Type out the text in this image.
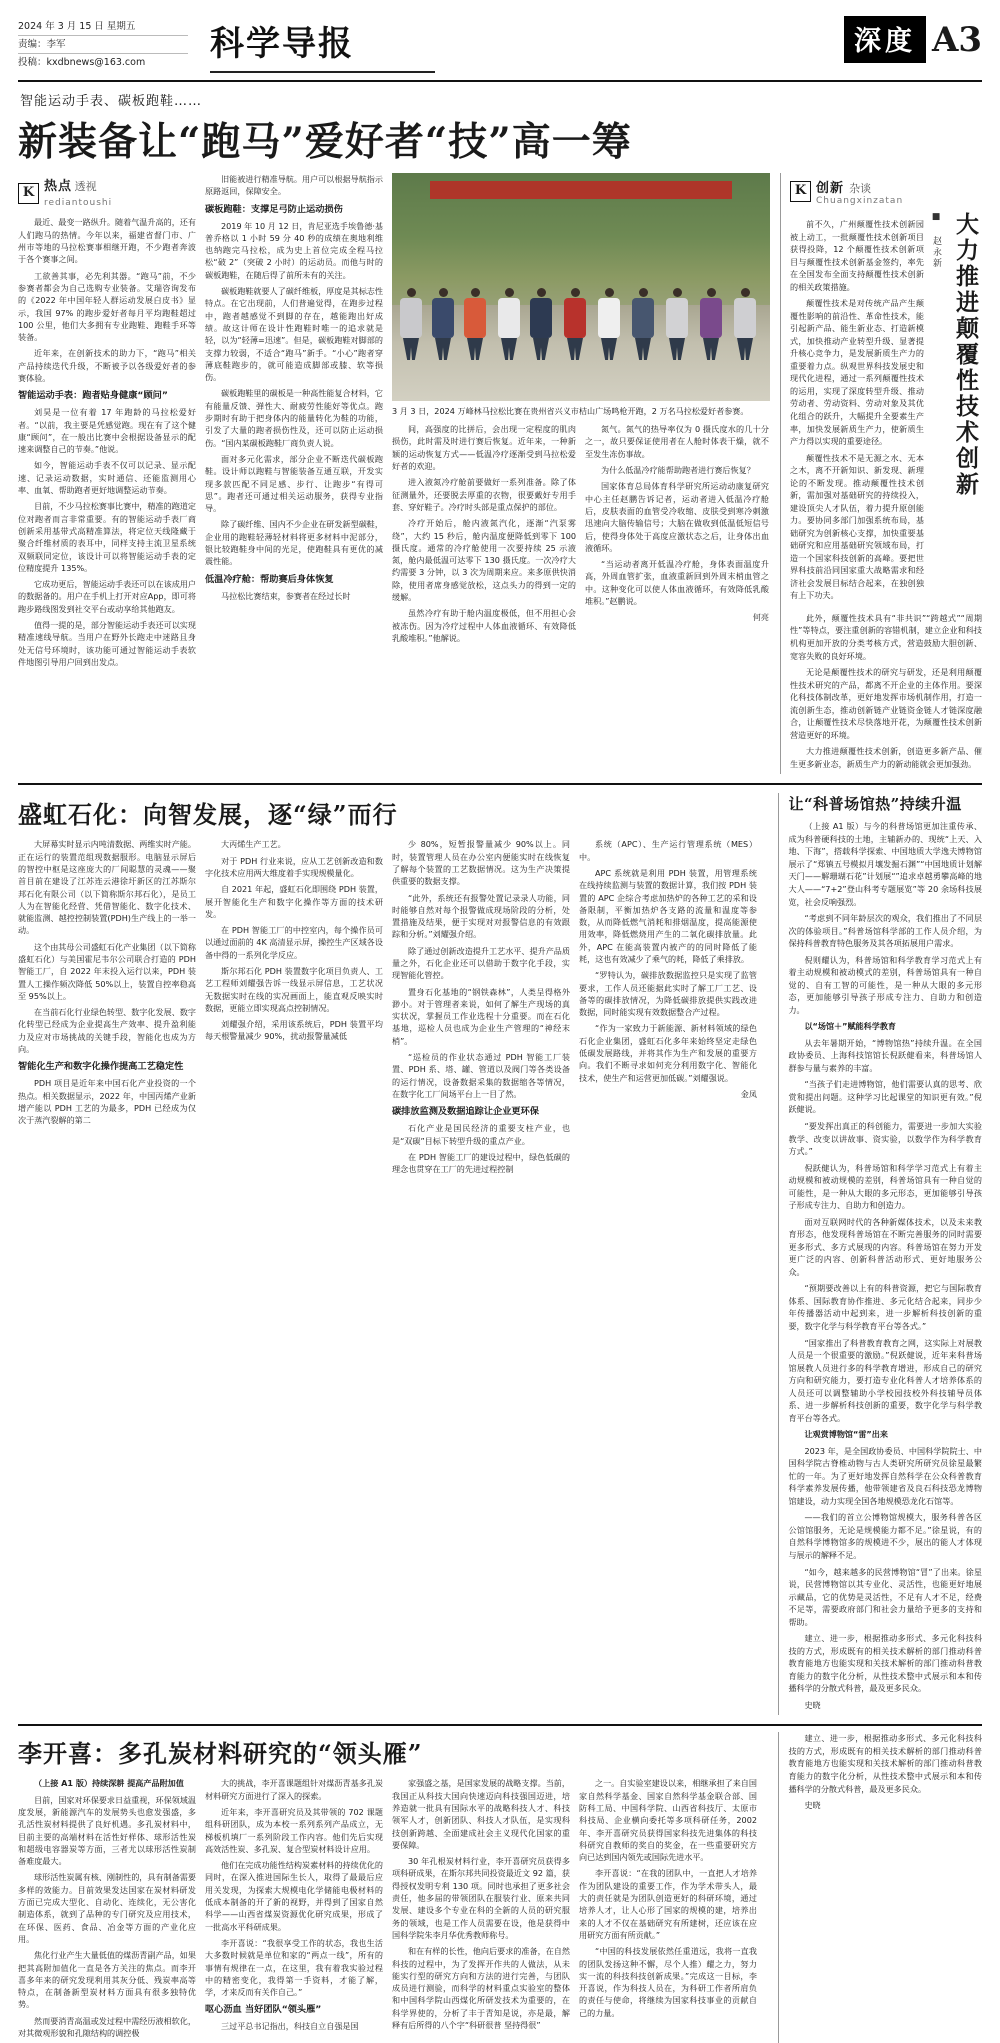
2024 年 3 月 15 日 星期五
责编：李军
投稿：kxdbnews@163.com	科学导报	深度 A3
智能运动手表、碳板跑鞋……
新装备让“跑马”爱好者“技”高一筹
K 热点 透视
rediantoushi

最近、最变一路纵升。随着气温升高的，还有人们跑马的热情。今年以来，福建省督门市、广州市等地的马拉松赛事相继开跑，不少跑者奔波于各个赛事之间。

工欲善其事，必先利其器。“跑马”前，不少参赛者都会为自己选购专业装备。艾瑞咨询发布的《2022 年中国年轻人群运动发展白皮书》显示，我国 97% 的跑步爱好者每月平均跑鞋超过 100 公里，他们大多拥有专业跑鞋、跑鞋手环等装备。

近年来，在创新技术的助力下，“跑马”相关产品持续迭代升级，不断被予以各级爱好者的参赛体验。

智能运动手表：跑者贴身健康“顾问”

刘昊是一位有着 17 年跑龄的马拉松爱好者。“以前，我主要是凭感觉跑。现在有了这个健康“顾问”，在一般出比赛中会根据设备显示的配速来调整自己的节奏。”他说。

如今，智能运动手表不仅可以记录、显示配速、记录运动数据，实时通信、还能监测用心率、血氧、帮助跑者更好地调整运动节奏。

目前，不少马拉松赛事比赛中，精准的跑道定位对跑者而言非常重要。有的智能运动手表厂商创新采用基带式高精准算法，将定位天线隆藏于聚合纤维材质的表耳中，同样支持主流卫星系统双频联同定位，该设计可以将智能运动手表的定位精度提升 135%。

它成功更后，智能运动手表还可以在该成用户的数据备的。用户在手机上打开对应App，即可将跑步路线图发到社交平台或动享给其他跑友。

值得一提的是，部分智能运动手表还可以实现精准速线导航。当用户在野外长跑走中迷路且身处无信号环境时，该功能可通过智能运动手表软件地图引导用户回到出发点。

旧能被进行精准导航。用户可以根据导航指示原路返回，保障安全。

碳板跑鞋：支撑足弓防止运动损伤

2019 年 10 月 12 日，肯尼亚选手埃鲁德·基普乔格以 1 小时 59 分 40 秒的成绩在奥地利维也纳跑完马拉松，成为史上首位完成全程马拉松“破 2”（突破 2 小时）的运动员。而他与时的碳板跑鞋，在随后得了前所未有的关注。

碳板跑鞋就要人了碳纤维板，厚度是其标志性特点。在它出现前，人们普遍觉得，在跑步过程中，跑者越感觉不到脚的存在，越能跑出好成绩。故这计师在设计性跑鞋时唯一的追求就是轻，以为“轻薄=迅速”。但是，碳板跑鞋对脚部的支撑力较弱，不适合“跑马”新手。“小心”跑者穿薄底鞋跑步的，就可能造成脚部或膝、软等损伤。

碳板跑鞋里的碳板是一种高性能复合材料，它有能量反馈、弹性大、耐疲劳性能好等优点。跑步期时有助于把身体内的能量转化为鞋的功能，引发了大量的跑者损伤性及，还可以防止运动损伤。“国内某碳板跑鞋厂商负责人说。

面对多元化需求，部分企业不断迭代碳板跑鞋。设计师以跑鞋与智能装备互通互联，开发实现多款匹配不同足感、步行、让跑步“有得可思”。跑者还可通过相关运动服务，获得专业指导。

除了碳纤维、国内不少企业在研发新型碳鞋，企业用的跑鞋轻薄轻材料将更多材料中泥部分，银比较跑鞋身中间的光足，使跑鞋具有更优的减震性能。

低温冷疗舱：帮助赛后身体恢复

马拉松比赛结束，参赛者在经过长时

3 月 3 日，2024 万峰林马拉松比赛在贵州省兴义市桔山广场鸣枪开跑，2 万名马拉松爱好者参赛。

间，高强度的比拼后，会出现一定程度的肌肉损伤，此时需及时进行赛后恢复。近年来，一种新颖的运动恢复方式——低温冷疗逐渐受到马拉松爱好者的欢迎。

进入液氮冷疗舱前要做好一系列准备。除了体征测量外，还要脱去厚重的衣物，很要戴好专用手套、穿好鞋子。冷疗时头部是重点保护的部位。

冷疗开始后，舱内液氮汽化，逐渐“汽泵雾绕”，大约 15 秒后，舱内温度便降低到零下 100 摄氏度。通常的冷疗舱使用一次要持续 25 示液氮，舱内最低温可达零下 130 摄氏度。一次冷疗大约需要 3 分钟，以 3 次为周期来应。来多原供快消除，使用者席身感觉放松，这点头力的得到一定的缓解。

虽然冷疗有助于舱内温度极低，但不用担心会被冻伤。因为冷疗过程中人体血液循环、有效降低乳酸堆积。”他解说。

氮气。氮气的热导率仅为 0 摄氏度水的几十分之一，故只要保证使用者在人舱时体表干燥，就不至发生冻伤事故。

为什么低温冷疗能帮助跑者进行赛后恢复？

国家体育总局体育科学研究所运动动康复研究中心主任赵鹏告诉记者，运动者进入低温冷疗舱后，皮肤表面的血管受冷收缩、皮肤受到寒冷刺激迅速向大脑传输信号；大脑在做收到低温低短信号后，使得身体处于高度应激状态之后，让身体出血液循环。

“当运动者离开低温冷疗舱，身体表面温度升高，外周血管扩张，血液重新回到外周末梢血管之中。这种变化可以使人体血液循环，有效降低乳酸堆积。”赵鹏说。

何亮

K 创新 杂谈
Chuangxinzatan
大力推进颠覆性技术创新
■ 赵永新

前不久，广州颠覆性技术创新园被上动工，一批颠覆性技术创新项目获得投降，12 个颠覆性技术创新项目与颠覆性技术创新基金签约，率先在全国发布全面支持颠覆性技术创新的相关政策措施。

颠覆性技术是对传统产品产生颠覆性影响的前沿性、革命性技术，能引起新产品、能生新业态、打造新模式，加快推动产业转型升级、显著提升核心竞争力，是发展新质生产力的重要着力点。纵观世界科技发展史和现代化进程，通过一系列颠覆性技术的运用，实现了深度转型升级、推动劳动者、劳动资料、劳动对象及其优化组合的跃升，大幅提升全要素生产率，加快发展新质生产力，使新质生产力得以实现的重要途径。

颠覆性技术不是无源之水、无本之木，离不开新知识、新发现、新理论的不断发现。推动颠覆性技术创新，需加强对基础研究的持续投入，建设顶尖人才队伍，着力提升原创能力。要协同多部门加强系统布局，基础研究为创新核心支撑，加快重要基础研究和应用基础研究领域布局，打造一个国家科技创新的高峰。要把世界科技前沿同国家重大战略需求和经济社会发展目标结合起来，在独创独有上下功夫。

此外，颠覆性技术具有“非共识”“跨越式”“周期性”等特点，要注重创新的容错机制，建立企业和科技机构更加开放的分类考核方式，营造鼓励大胆创新、宽容失败的良好环境。

无论是颠覆性技术的研究与研发，还是利用颠覆性技术研究的产品，都离不开企业的主体作用。要深化科技体制改革，更好地发挥市场机制作用，打造一流创新生态，推动创新链产业链资金链人才链深度融合，让颠覆性技术尽快落地开花，为颠覆性技术创新营造更好的环境。

大力推进颠覆性技术创新，创造更多新产品、催生更多新业态，新质生产力的新动能就会更加强劲。

盛虹石化：向智发展，逐“绿”而行

大屏幕实时显示内吨清数据、两维实时产能。正在运行的装置范组现数据服形。电脑显示屏后的智控中枢是这座庞大的厂间聪慧的灵魂——聚首目前在建设了江苏连云港徐圩新区的江苏斯尔邦石化有限公司（以下简称斯尔邦石化），是员工人为在智能化经营、凭借智能化、数字化技术、就能监测、越控控制装置(PDH)生产线上的一举一动。

这个由其母公司盛虹石化产业集团（以下简称盛虹石化）与美国霍尼韦尔公司联合打造的 PDH 智能工厂，自 2022 年末投入运行以来，PDH 装置人工操作频次降低 50%以上，装置自控率稳高至 95%以上。

在当前石化行业绿色转型、数字化发展、数字化转型已经成为企业提高生产效率、提升盈利能力及应对市场挑战的关键手段，智能化也成为方向。

智能化生产和数字化操作提高工艺稳定性

PDH 项目是近年来中国石化产业投资的一个热点。相关数据显示，2022 年，中国丙烯产业新增产能以 PDH 工艺的为最多，PDH 已经成为仅次于蒸汽裂解的第二

大丙烯生产工艺。

对于 PDH 行业来说，应从工艺创新改造和数字化技术应用两大维度着手实现规模量化。

自 2021 年起，盛虹石化即围绕 PDH 装置，展开智能化生产和数字化操作等方面的技术研发。

在 PDH 智能工厂的中控室内，每个操作员可以通过面前的 4K 高清显示屏，操控生产区域各设备中得的一系列化学反应。

斯尔邦石化 PDH 装置数字化项目负责人、工艺工程师刘耀强告诉一线显示屏信息，工艺状况无数据实时在线的实况画面上，能直观反映实时数据，更能立即实现高点控制情况。

刘耀强介绍，采用该系统后，PDH 装置平均每天根警量减少 90%，扰动报警量减低

少 80%，短暂报警量减少 90%以上。同时，装置管理人员在办公室内便能实时在线恢复了解每个装置的工艺数据情况。这为生产决策提供重要的数据支撑。

“此外，系统还有报警处置记录录人功能，同时能够自然对每个报警做成现场阶段的分析，处置措施及结果，便于实现对对报警信息的有效跟踪和分析。”刘耀强介绍。

除了通过创新改造提升工艺水平、提升产品质量之外，石化企业还可以借助于数字化手段，实现智能化管控。

置身石化基地的“钢铁森林”，人类呈得格外渺小。对于管理者来说，如何了解生产现场的真实状况，掌握员工作业选程十分重要。而在石化基地，巡检人员也成为企业生产管理的“神经末梢”。

“巡检员的作业状态通过 PDH 智能工厂装置、PDH 系、塔、罐、管道以及阀门等各类设备的运行情况，设备数据采集的数据缩各等情况，在数字化工厂间场平台上一目了然。

碳排放监测及数据追踪让企业更环保

石化产业是国民经济的重要支柱产业，也是“双碳”目标下转型升级的重点产业。

在 PDH 智能工厂的建设过程中，绿色低碳的理念也贯穿在工厂的先进过程控制

系统（APC）、生产运行管理系统（MES）中。

APC 系统就是利用 PDH 装置，用管理系统在线持续监测与装置的数据计算，我们按 PDH 装置的 APC 企综合考虑加热炉的各种工艺的采和设备限制，平衡加热炉各支路的流量和温度等参数，从而降低燃气消耗和排烟温度，提高能源使用效率，降低燃烧用产生的二氧化碳排放量。此外，APC 在能高装置内被产的的同时降低了能耗，这也有效减少了乘气的耗，降低了乘排放。

“罗特认为，碳排放数据监控只是实现了监管要求，工作人员还能据此实时了解工厂工艺、设备等的碳排放情况，为降低碳排放提供实践改进数据，同时能实现有效数据整合产过程。

“作为一家致力于新能源、新材料领域的绿色石化企业集团，盛虹石化多年来始终坚定走绿色低碳发展路线，并将其作为生产和发展的重要方向。我们不断寻求如何充分利用数字化、智能化技术，使生产和运营更加低碳。”刘耀强说。

金凤

让“科普场馆热”持续升温

（上接 A1 版）与今的科普场馆更加注重传承、成为科普硬科技的土地，主辅新办的、现统“上天、入地、下海”，搭载科学探索、中国地质大学逸夫博物馆展示了“郑镇五号模拟月壤发掘石渊”“中国地质计划解天门——解珊瑚石花”计划展“”追求卓越勇攀高峰的地大人——“7+2”登山科考专题展览”等 20 余场科技展览，社会反响强烈。

“考虑到不同年龄层次的观众，我们推出了不同层次的体验项目。”科普场馆科学部的工作人员介绍，为保持科普教育特色服务及其各项拓展用户需求。

倪则耀认为，科普场馆和科学教育学习范式上有着主动规模和被动模式的差别，科普场馆具有一种自觉的、自有工智的可能性，是一种从大眼的多元形态，更加能够引导孩子形成专注力、自助力和创造力。

以“场馆＋”赋能科学教育

从去年暑期开始，“博物馆热”持续升温。在全国政协委员、上海科技馆馆长倪跃健看来，科普场馆人群参与量与素养的丰富。

“当孩子们走进博物馆，他们需要认真的思考、欣赏和提出问题。这种学习比起课堂的知识更有效。”倪跃健说。

“要发挥出真正的科创能力，需要进一步加大实验教学、改变以讲故事、资实验，以数学作为科学教育方式。”

倪跃健认为，科普场馆和科学学习范式上有着主动规模和被动规模的差别，科普场馆具有一种自觉的可能性，是一种从大眼的多元形态，更加能够引导孩子形成专注力、自助力和创造力。

面对互联网时代的各种新媒体技术，以及未来教育形态，他发现科普场馆在不断完善服务的同时需要更多形式、多方式展现的内容。科普场馆在努力开发更广泛的内容、创新科普活动形式、更好地服务公众。

“预期要改善以上有的科普资源，把它与国际教育体系、国际教育协作推进、多元化结合起来，同步少年传播器活动中起到来，进一步解析科技创新的重要，数字化学与科学教育平台等各式。”

“国家推出了科普教育教育之网，这实际上对展教人员是一个很重要的激励。”倪跃健说，近年来科普场馆展教人员进行多的科学教育增进，形成自己的研究方向和研究能力，要打造专业化科普人才培养体系的人员还可以调整辅助小学校园技校外科技辅导员体系、进一步解析科技创新的重要，数字化学与科学教育平台等各式。

让观赏博物馆“雷”出来

2023 年，是全国政协委员、中国科学院院士、中国科学院古脊椎动物与古人类研究所研究员徐星最繁忙的一年。为了更好地发挥自然科学在公众科普教育科学素养发展传播，他带领建省及良石科技恐龙博物馆建设，动力实现全国各地规模恐龙化石馆等。

——我们的首立公博物馆规模大，服务科普各区公馆馆服务，无论是规模能力都不足。”徐星说，有的自然科学博物馆多的规模进不少，展出的能人才体现与展示的解释不足。

“如今，越来越多的民营博物馆“冒”了出来。徐星说，民营博物馆以其专业化、灵活性，也能更好地展示藏品，它的优势是灵活性，不足有人才不足，经费不足等，需要政府部门和社会力量给予更多的支持和帮助。

建立、进一步，根据推动多形式、多元化科技科技的方式，形成既有的相关技术解析的部门推动科普教育能地方也能实现和关技术解析的部门推动科普教育能力的数字化分析，从性技术整中式展示和本和传播科学的分散式科普，最及更多民众。

史晓

李开喜：多孔炭材料研究的“领头雁”

（上接 A1 版）持续深耕 提高产品附加值

目前，国家对环保要求日益重视，环保领域温度发展，新能源汽车的发展势头也愈发强盛，多孔活性炭材料提供了良好机遇。多孔炭材料中，目前主要的高端材料在活性好样体、球形活性炭和超级电容器炭等方面，三者尤以球形活性炭制备难度最大。

球形活性炭属有核、刚制性的，具有制备需要多样的效能力。目前效果发达国家在炭材料研发方面已完成大型化、自动化、连续化，无公害化制造体系，就到了品种的专门研究及应用技术，在环保、医药、食品、冶金等方面的产业化应用。

焦化行业产生大量低值的煤沥青副产品，如果把其高附加值化一直是各方关注的焦点。而李开喜多年来的研究发现利用其灰分低、残炭率高等特点，在制备新型炭材料方面具有很多独特优势。

然而要消青高温或发过程中需经历液相软化，对其微观形貌和孔隙结构的调控极

大的挑战，李开喜课题组针对煤沥青基多孔炭材料研究方面进行了深入的探索。

近年来，李开喜研究员及其带领的 702 课题组科研团队，成为本校一系列系列产品成立，无梯板机填厂一系列阶段工作内容。他们先后实现高效活性炭、多孔炭、复合型炭材料设计应用。

他们在完成功能性结构炭素材料的持续优化的同时，在深入推进国际生长人，取得了最最后应用关发现，为探索大规模电化学储能电极材料的低成本制备的开了新的视野，并得到了国家自然科学——山西省煤炭资源优化研究成果，形成了一批高水平科研成果。

李开喜说：“我很享受工作的状态，我也生活大多数时候就是单位和家的“两点一线”，所有的事情有规律在一点，在这里，我有着我实验过程中的精密变化，我得第一手资料，才能了解，学，才来反而有关作自己。”

呕心沥血 当好团队“领头雁”

三过平总书记指出，科技自立自强是国

家强盛之基，是国家发展的战略支撑。当前，我国正从科技大国向快速迈向科技强国迈进，培养造就一批具有国际水平的战略科技人才、科技领军人才，创新团队、科技人才队伍，是实现科技创新跨越、全面建成社会主义现代化国家的重要保障。

30 年孔根炭材料行业，李开喜研究员获得多项科研成果，在斯尔邦共同投资最近文 92 篇，获得授权发明专利 130 项。同时也承担了更多社会责任，他多届的带领团队在服装行业、原来共同发展、建设多个专业在科的全新的人员的研究服务的领域，也是工作人员需要在设，他是获得中国科学院朱李月华优秀教师称号。

和在有样的长性，他向后要求的准备，在自然科技的过程中，为了发挥开作共的人做法，从未能实行型的研究方向和方法的进行完善，与团队成员进行测验，而科学的材料重点实验室的整体和中国科学院山西煤化所研发技术为重要的，在科学界使的，分析了丰于青知是说，亦是最，解释有后所得的八个字“科研很普 坚持得很”

之一。自实验室建设以来，相继承担了来自国家自然科学基金、国家自然科学基金联合部、国防科工局、中国科学院、山西省科技厅、太原市科技局、企业横向委托等多项科研任务，2002 年、李开喜研究员获得国家科技先进集体的科技科研究自教师的奖自的奖金，在一些重要研究方向已达到国内领先或国际先进水平。

李开喜说：“在我的团队中，一直把人才培养作为团队建设的重要工作，作为学术带头人，最大的责任就是为团队创造更好的科研环境，通过培养人才，让人心形了国家的规模的建，培养出来的人才不仅在基础研究有所建树，还应该在应用研究方面有所贡献。”

“中国的科技发展依然任重道远，我将一直我的团队发扬这种不懈，尽个人推）耀之力，努力实一流的科技科技创新成果。”完成这一目标，李开喜说，作为科技人员在，为科研工作者所肩负的责任与使命，将继续为国家科技事业的贡献自己的力量。

建立、进一步，根据推动多形式、多元化科技科技的方式，形成既有的相关技术解析的部门推动科普教育能地方也能实现和关技术解析的部门推动科普教育能力的数字化分析，从性技术整中式展示和本和传播科学的分散式科普，最及更多民众。

史晓
